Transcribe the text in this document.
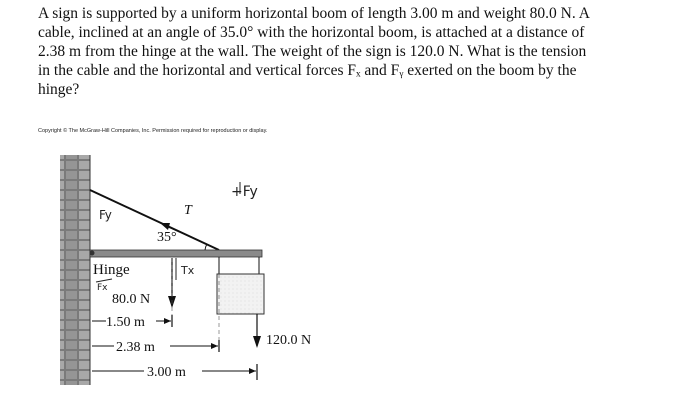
A sign is supported by a uniform horizontal boom of length 3.00 m and weight 80.0 N. A
cable, inclined at an angle of 35.0° with the horizontal boom, is attached at a distance of
2.38 m from the hinge at the wall. The weight of the sign is 120.0 N. What is the tension
in the cable and the horizontal and vertical forces Fₓ and Fᵧ exerted on the boom by the
hinge?
Copyright © The McGraw-Hill Companies, Inc. Permission required for reproduction or display.
T
35°
Hinge
80.0 N
120.0 N
1.50 m
2.38 m
3.00 m
Fy
Fx
+Fy
Tx
